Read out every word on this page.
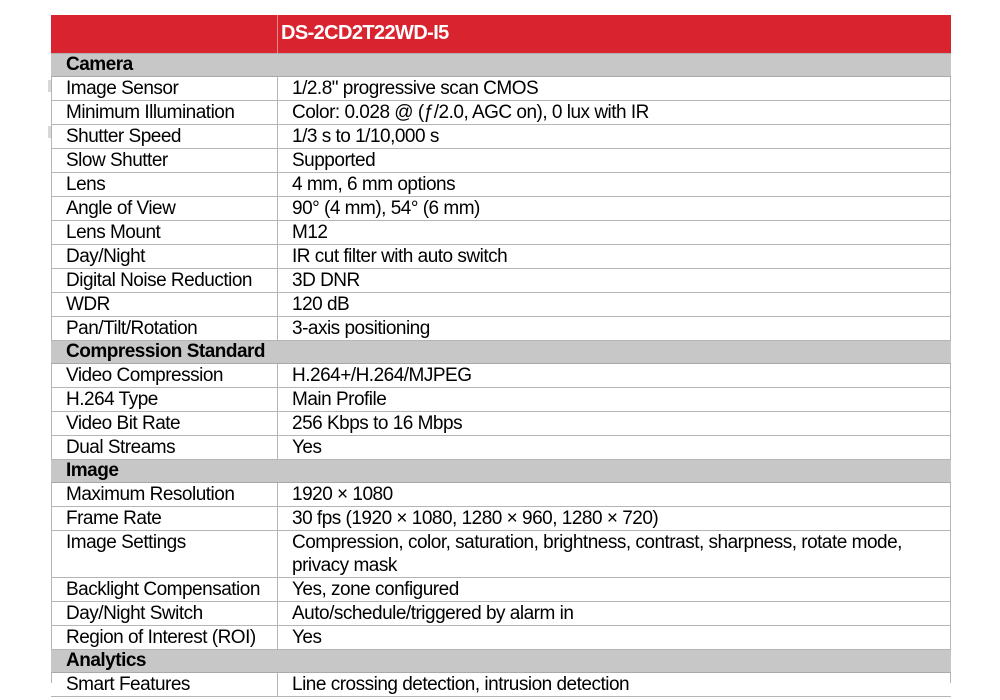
DS-2CD2T22WD-I5
Camera
Image Sensor	1/2.8" progressive scan CMOS
Minimum Illumination	Color: 0.028 @ (ƒ/2.0, AGC on), 0 lux with IR
Shutter Speed	1/3 s to 1/10,000 s
Slow Shutter	Supported
Lens	4 mm, 6 mm options
Angle of View	90° (4 mm), 54° (6 mm)
Lens Mount	M12
Day/Night	IR cut filter with auto switch
Digital Noise Reduction	3D DNR
WDR	120 dB
Pan/Tilt/Rotation	3-axis positioning
Compression Standard
Video Compression	H.264+/H.264/MJPEG
H.264 Type	Main Profile
Video Bit Rate	256 Kbps to 16 Mbps
Dual Streams	Yes
Image
Maximum Resolution	1920 × 1080
Frame Rate	30 fps (1920 × 1080, 1280 × 960, 1280 × 720)
Image Settings	Compression, color, saturation, brightness, contrast, sharpness, rotate mode, privacy mask
Backlight Compensation	Yes, zone configured
Day/Night Switch	Auto/schedule/triggered by alarm in
Region of Interest (ROI)	Yes
Analytics
Smart Features	Line crossing detection, intrusion detection
